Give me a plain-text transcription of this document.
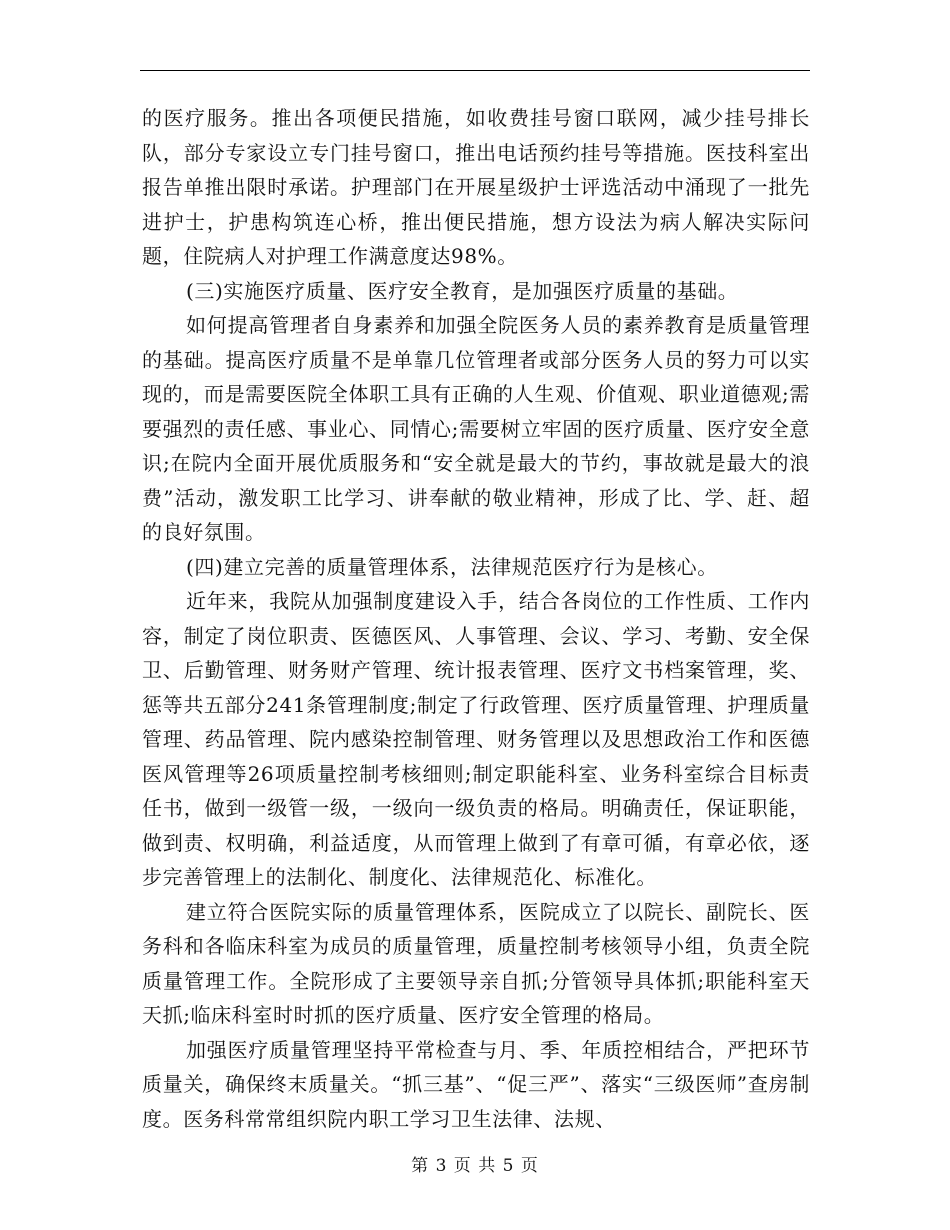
的医疗服务。推出各项便民措施，如收费挂号窗口联网，减少挂号排长队，部分专家设立专门挂号窗口，推出电话预约挂号等措施。医技科室出报告单推出限时承诺。护理部门在开展星级护士评选活动中涌现了一批先进护士，护患构筑连心桥，推出便民措施，想方设法为病人解决实际问题，住院病人对护理工作满意度达98%。

(三)实施医疗质量、医疗安全教育，是加强医疗质量的基础。

如何提高管理者自身素养和加强全院医务人员的素养教育是质量管理的基础。提高医疗质量不是单靠几位管理者或部分医务人员的努力可以实现的，而是需要医院全体职工具有正确的人生观、价值观、职业道德观;需要强烈的责任感、事业心、同情心;需要树立牢固的医疗质量、医疗安全意识;在院内全面开展优质服务和“安全就是最大的节约，事故就是最大的浪费”活动，激发职工比学习、讲奉献的敬业精神，形成了比、学、赶、超的良好氛围。

(四)建立完善的质量管理体系，法律规范医疗行为是核心。

近年来，我院从加强制度建设入手，结合各岗位的工作性质、工作内容，制定了岗位职责、医德医风、人事管理、会议、学习、考勤、安全保卫、后勤管理、财务财产管理、统计报表管理、医疗文书档案管理，奖、惩等共五部分241条管理制度;制定了行政管理、医疗质量管理、护理质量管理、药品管理、院内感染控制管理、财务管理以及思想政治工作和医德医风管理等26项质量控制考核细则;制定职能科室、业务科室综合目标责任书，做到一级管一级，一级向一级负责的格局。明确责任，保证职能，做到责、权明确，利益适度，从而管理上做到了有章可循，有章必依，逐步完善管理上的法制化、制度化、法律规范化、标准化。

建立符合医院实际的质量管理体系，医院成立了以院长、副院长、医务科和各临床科室为成员的质量管理，质量控制考核领导小组，负责全院质量管理工作。全院形成了主要领导亲自抓;分管领导具体抓;职能科室天天抓;临床科室时时抓的医疗质量、医疗安全管理的格局。

加强医疗质量管理坚持平常检查与月、季、年质控相结合，严把环节质量关，确保终末质量关。“抓三基”、“促三严”、落实“三级医师”查房制度。医务科常常组织院内职工学习卫生法律、法规、

第 3 页 共 5 页
